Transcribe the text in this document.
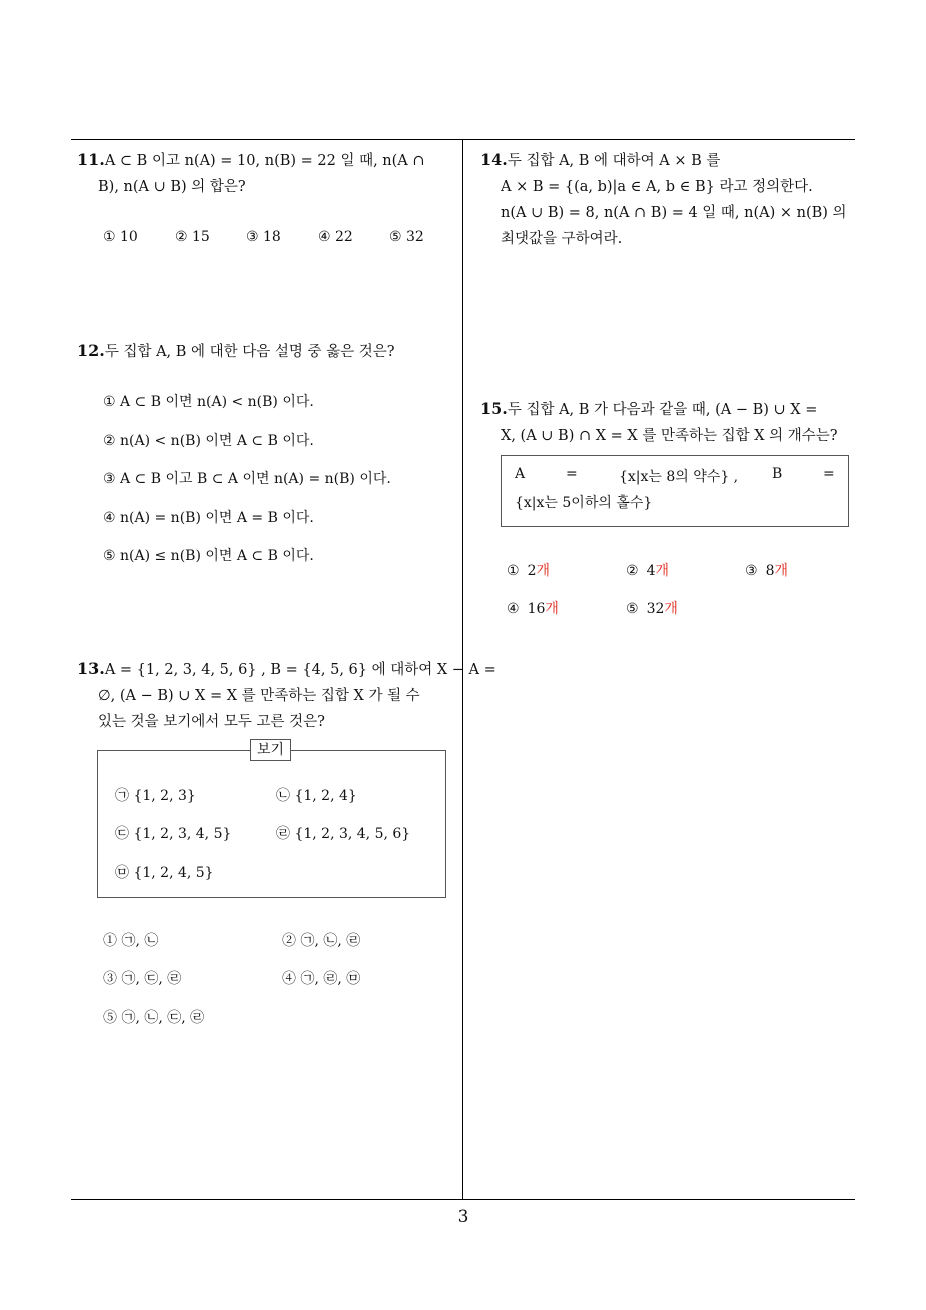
11.A ⊂ B 이고 n(A) = 10, n(B) = 22 일 때, n(A ∩
B), n(A ∪ B) 의 합은?
① 10	② 15	③ 18	④ 22	⑤ 32
12.두 집합 A, B 에 대한 다음 설명 중 옳은 것은?
① A ⊂ B 이면 n(A) < n(B) 이다.
② n(A) < n(B) 이면 A ⊂ B 이다.
③ A ⊂ B 이고 B ⊂ A 이면 n(A) = n(B) 이다.
④ n(A) = n(B) 이면 A = B 이다.
⑤ n(A) ≤ n(B) 이면 A ⊂ B 이다.
13.A = {1, 2, 3, 4, 5, 6} , B = {4, 5, 6} 에 대하여 X − A =
∅, (A − B) ∪ X = X 를 만족하는 집합 X 가 될 수
있는 것을 보기에서 모두 고른 것은?
보기
㉠ {1, 2, 3}	㉡ {1, 2, 4}
㉢ {1, 2, 3, 4, 5}	㉣ {1, 2, 3, 4, 5, 6}
㉤ {1, 2, 4, 5}
① ㉠, ㉡	② ㉠, ㉡, ㉣
③ ㉠, ㉢, ㉣	④ ㉠, ㉣, ㉤
⑤ ㉠, ㉡, ㉢, ㉣
14.두 집합 A, B 에 대하여 A × B 를
A × B = {(a, b)|a ∈ A, b ∈ B} 라고 정의한다.
n(A ∪ B) = 8, n(A ∩ B) = 4 일 때, n(A) × n(B) 의
최댓값을 구하여라.
15.두 집합 A, B 가 다음과 같을 때, (A − B) ∪ X =
X, (A ∪ B) ∩ X = X 를 만족하는 집합 X 의 개수는?
A	=	{x|x는 8의 약수} , B	=
{x|x는 5이하의 홀수}
① 2개	② 4개	③ 8개
④ 16개	⑤ 32개
3
